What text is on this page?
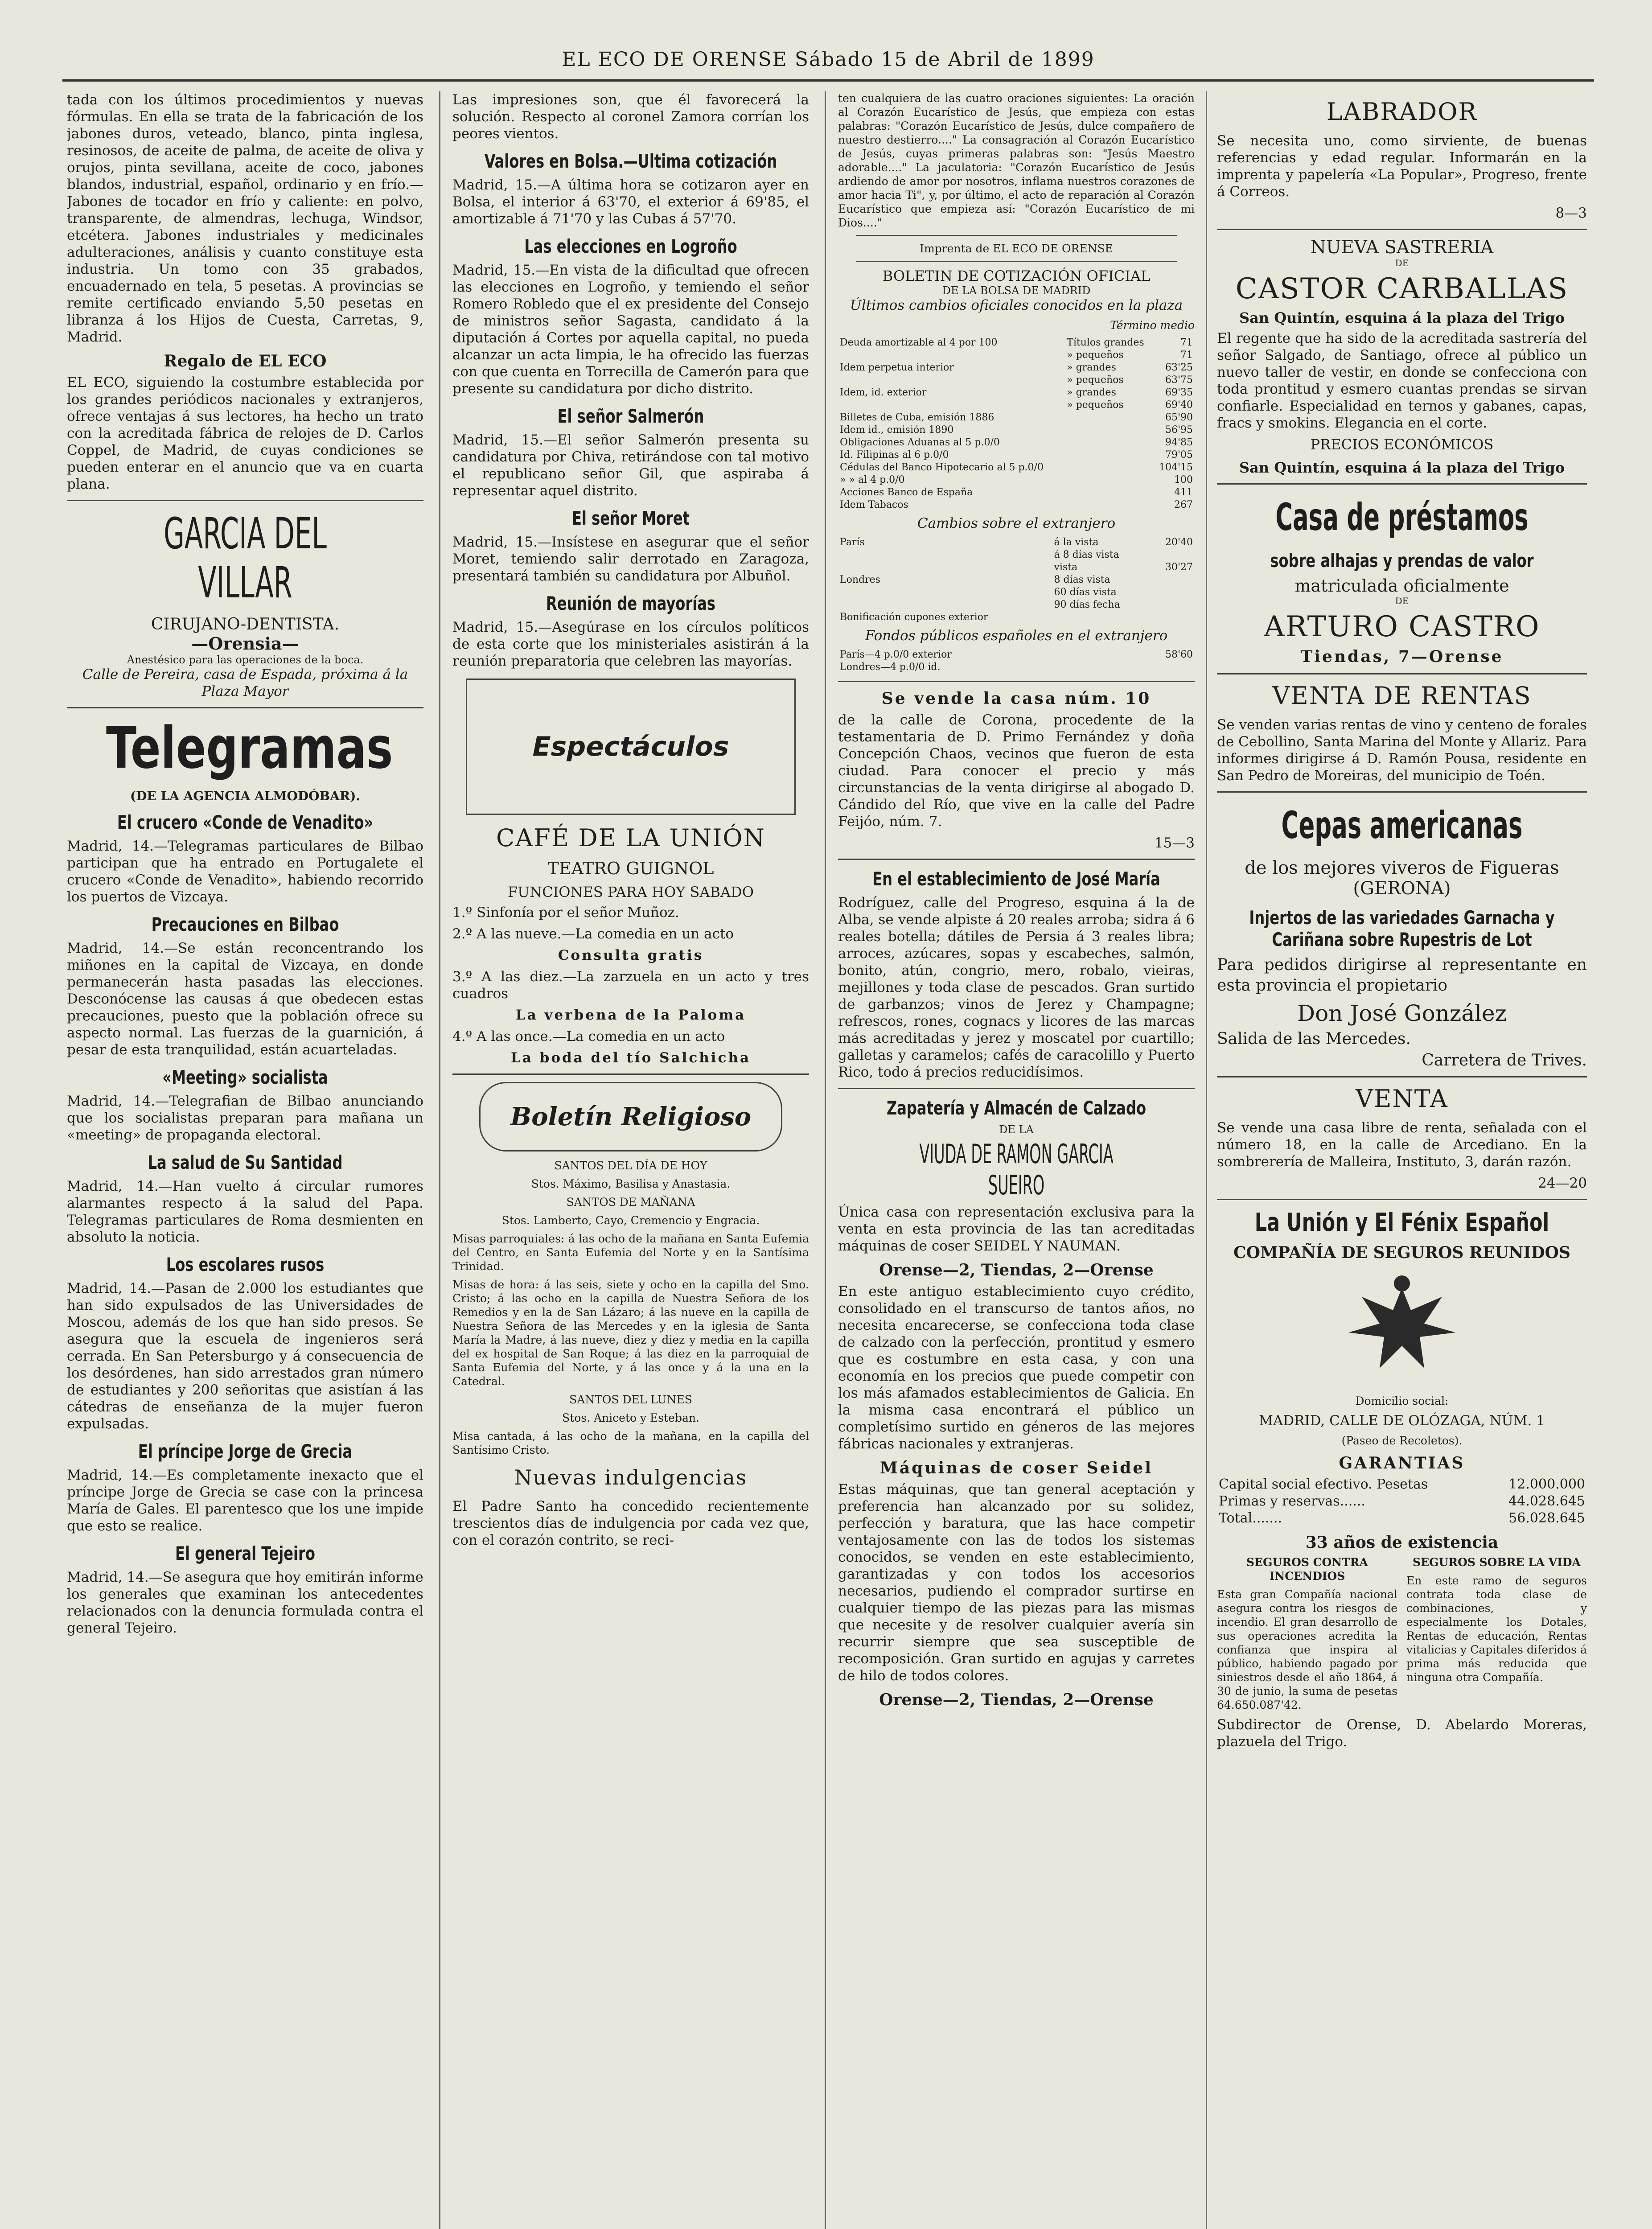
EL ECO DE ORENSE Sábado 15 de Abril de 1899

tada con los últimos procedimientos y nuevas fórmulas. En ella se trata de la fabricación de los jabones duros, veteado, blanco, pinta inglesa, resinosos, de aceite de palma, de aceite de oliva y orujos, pinta sevillana, aceite de coco, jabones blandos, industrial, español, ordinario y en frío.—Jabones de tocador en frío y caliente: en polvo, transparente, de almendras, lechuga, Windsor, etcétera. Jabones industriales y medicinales adulteraciones, análisis y cuanto constituye esta industria. Un tomo con 35 grabados, encuadernado en tela, 5 pesetas. A provincias se remite certificado enviando 5,50 pesetas en libranza á los Hijos de Cuesta, Carretas, 9, Madrid.

Regalo de EL ECO

EL ECO, siguiendo la costumbre establecida por los grandes periódicos nacionales y extranjeros, ofrece ventajas á sus lectores, ha hecho un trato con la acreditada fábrica de relojes de D. Carlos Coppel, de Madrid, de cuyas condiciones se pueden enterar en el anuncio que va en cuarta plana.

GARCIA DEL VILLAR
CIRUJANO-DENTISTA.
—Orensia—
Anestésico para las operaciones de la boca.

Calle de Pereira, casa de Espada, próxima á la Plaza Mayor

Telegramas
(DE LA AGENCIA ALMODÓBAR).
El crucero «Conde de Venadito»

Madrid, 14.—Telegramas particulares de Bilbao participan que ha entrado en Portugalete el crucero «Conde de Venadito», habiendo recorrido los puertos de Vizcaya.

Precauciones en Bilbao

Madrid, 14.—Se están reconcentrando los miñones en la capital de Vizcaya, en donde permanecerán hasta pasadas las elecciones. Desconócense las causas á que obedecen estas precauciones, puesto que la población ofrece su aspecto normal. Las fuerzas de la guarnición, á pesar de esta tranquilidad, están acuarteladas.

«Meeting» socialista

Madrid, 14.—Telegrafian de Bilbao anunciando que los socialistas preparan para mañana un «meeting» de propaganda electoral.

La salud de Su Santidad

Madrid, 14.—Han vuelto á circular rumores alarmantes respecto á la salud del Papa. Telegramas particulares de Roma desmienten en absoluto la noticia.

Los escolares rusos

Madrid, 14.—Pasan de 2.000 los estudiantes que han sido expulsados de las Universidades de Moscou, además de los que han sido presos. Se asegura que la escuela de ingenieros será cerrada. En San Petersburgo y á consecuencia de los desórdenes, han sido arrestados gran número de estudiantes y 200 señoritas que asistían á las cátedras de enseñanza de la mujer fueron expulsadas.

El príncipe Jorge de Grecia

Madrid, 14.—Es completamente inexacto que el príncipe Jorge de Grecia se case con la princesa María de Gales. El parentesco que los une impide que esto se realice.

El general Tejeiro

Madrid, 14.—Se asegura que hoy emitirán informe los generales que examinan los antecedentes relacionados con la denuncia formulada contra el general Tejeiro.

Las impresiones son, que él favorecerá la solución. Respecto al coronel Zamora corrían los peores vientos.

Valores en Bolsa.—Ultima cotización

Madrid, 15.—A última hora se cotizaron ayer en Bolsa, el interior á 63'70, el exterior á 69'85, el amortizable á 71'70 y las Cubas á 57'70.

Las elecciones en Logroño

Madrid, 15.—En vista de la dificultad que ofrecen las elecciones en Logroño, y temiendo el señor Romero Robledo que el ex presidente del Consejo de ministros señor Sagasta, candidato á la diputación á Cortes por aquella capital, no pueda alcanzar un acta limpia, le ha ofrecido las fuerzas con que cuenta en Torrecilla de Camerón para que presente su candidatura por dicho distrito.

El señor Salmerón

Madrid, 15.—El señor Salmerón presenta su candidatura por Chiva, retirándose con tal motivo el republicano señor Gil, que aspiraba á representar aquel distrito.

El señor Moret

Madrid, 15.—Insístese en asegurar que el señor Moret, temiendo salir derrotado en Zaragoza, presentará también su candidatura por Albuñol.

Reunión de mayorías

Madrid, 15.—Asegúrase en los círculos políticos de esta corte que los ministeriales asistirán á la reunión preparatoria que celebren las mayorías.

Espectáculos
CAFÉ DE LA UNIÓN
TEATRO GUIGNOL
FUNCIONES PARA HOY SABADO

1.º Sinfonía por el señor Muñoz.

2.º A las nueve.—La comedia en un acto

Consulta gratis

3.º A las diez.—La zarzuela en un acto y tres cuadros

La verbena de la Paloma

4.º A las once.—La comedia en un acto

La boda del tío Salchicha

Boletín Religioso

SANTOS DEL DÍA DE HOY

Stos. Máximo, Basilisa y Anastasia.

SANTOS DE MAÑANA

Stos. Lamberto, Cayo, Cremencio y Engracia.

Misas parroquiales: á las ocho de la mañana en Santa Eufemia del Centro, en Santa Eufemia del Norte y en la Santísima Trinidad.

Misas de hora: á las seis, siete y ocho en la capilla del Smo. Cristo; á las ocho en la capilla de Nuestra Señora de los Remedios y en la de San Lázaro; á las nueve en la capilla de Nuestra Señora de las Mercedes y en la iglesia de Santa María la Madre, á las nueve, diez y diez y media en la capilla del ex hospital de San Roque; á las diez en la parroquial de Santa Eufemia del Norte, y á las once y á la una en la Catedral.

SANTOS DEL LUNES

Stos. Aniceto y Esteban.

Misa cantada, á las ocho de la mañana, en la capilla del Santísimo Cristo.

Nuevas indulgencias

El Padre Santo ha concedido recientemente trescientos días de indulgencia por cada vez que, con el corazón contrito, se reci-

ten cualquiera de las cuatro oraciones siguientes: La oración al Corazón Eucarístico de Jesús, que empieza con estas palabras: "Corazón Eucarístico de Jesús, dulce compañero de nuestro destierro...." La consagración al Corazón Eucarístico de Jesús, cuyas primeras palabras son: "Jesús Maestro adorable...." La jaculatoria: "Corazón Eucarístico de Jesús ardiendo de amor por nosotros, inflama nuestros corazones de amor hacia Ti", y, por último, el acto de reparación al Corazón Eucarístico que empieza así: "Corazón Eucarístico de mi Dios...."

Imprenta de EL ECO DE ORENSE

BOLETIN DE COTIZACIÓN OFICIAL
DE LA BOLSA DE MADRID

Últimos cambios oficiales conocidos en la plaza

Término medio

Deuda amortizable al 4 por 100	Títulos grandes	71
	» pequeños	71
Idem perpetua interior	» grandes	63'25
	» pequeños	63'75
Idem, id. exterior	» grandes	69'35
	» pequeños	69'40
Billetes de Cuba, emisión 1886		65'90
Idem id., emisión 1890		56'95
Obligaciones Aduanas al 5 p.0/0		94'85
Id. Filipinas al 6 p.0/0		79'05
Cédulas del Banco Hipotecario al 5 p.0/0		104'15
» » al 4 p.0/0		100
Acciones Banco de España		411
Idem Tabacos		267

Cambios sobre el extranjero

París	á la vista	20'40
	á 8 días vista	
	vista	30'27
Londres	8 días vista	
	60 días vista	
	90 días fecha	
Bonificación cupones exterior		

Fondos públicos españoles en el extranjero

París—4 p.0/0 exterior	58'60
Londres—4 p.0/0 id.	
Se vende la casa núm. 10

de la calle de Corona, procedente de la testamentaria de D. Primo Fernández y doña Concepción Chaos, vecinos que fueron de esta ciudad. Para conocer el precio y más circunstancias de la venta dirigirse al abogado D. Cándido del Río, que vive en la calle del Padre Feijóo, núm. 7.

15—3

En el establecimiento de José María

Rodríguez, calle del Progreso, esquina á la de Alba, se vende alpiste á 20 reales arroba; sidra á 6 reales botella; dátiles de Persia á 3 reales libra; arroces, azúcares, sopas y escabeches, salmón, bonito, atún, congrio, mero, robalo, vieiras, mejillones y toda clase de pescados. Gran surtido de garbanzos; vinos de Jerez y Champagne; refrescos, rones, cognacs y licores de las marcas más acreditadas y jerez y moscatel por cuartillo; galletas y caramelos; cafés de caracolillo y Puerto Rico, todo á precios reducidísimos.

Zapatería y Almacén de Calzado
DE LA
VIUDA DE RAMON GARCIA SUEIRO

Única casa con representación exclusiva para la venta en esta provincia de las tan acreditadas máquinas de coser SEIDEL Y NAUMAN.

Orense—2, Tiendas, 2—Orense

En este antiguo establecimiento cuyo crédito, consolidado en el transcurso de tantos años, no necesita encarecerse, se confecciona toda clase de calzado con la perfección, prontitud y esmero que es costumbre en esta casa, y con una economía en los precios que puede competir con los más afamados establecimientos de Galicia. En la misma casa encontrará el público un completísimo surtido en géneros de las mejores fábricas nacionales y extranjeras.

Máquinas de coser Seidel

Estas máquinas, que tan general aceptación y preferencia han alcanzado por su solidez, perfección y baratura, que las hace competir ventajosamente con las de todos los sistemas conocidos, se venden en este establecimiento, garantizadas y con todos los accesorios necesarios, pudiendo el comprador surtirse en cualquier tiempo de las piezas para las mismas que necesite y de resolver cualquier avería sin recurrir siempre que sea susceptible de recomposición. Gran surtido en agujas y carretes de hilo de todos colores.

Orense—2, Tiendas, 2—Orense
LABRADOR

Se necesita uno, como sirviente, de buenas referencias y edad regular. Informarán en la imprenta y papelería «La Popular», Progreso, frente á Correos.

8—3

NUEVA SASTRERIA
DE
CASTOR CARBALLAS
San Quintín, esquina á la plaza del Trigo

El regente que ha sido de la acreditada sastrería del señor Salgado, de Santiago, ofrece al público un nuevo taller de vestir, en donde se confecciona con toda prontitud y esmero cuantas prendas se sirvan confiarle. Especialidad en ternos y gabanes, capas, fracs y smokins. Elegancia en el corte.

PRECIOS ECONÓMICOS
San Quintín, esquina á la plaza del Trigo
Casa de préstamos
sobre alhajas y prendas de valor
matriculada oficialmente
DE
ARTURO CASTRO
Tiendas, 7—Orense
VENTA DE RENTAS

Se venden varias rentas de vino y centeno de forales de Cebollino, Santa Marina del Monte y Allariz. Para informes dirigirse á D. Ramón Pousa, residente en San Pedro de Moreiras, del municipio de Toén.

Cepas americanas
de los mejores viveros de Figueras
(GERONA)
Injertos de las variedades Garnacha y Cariñana sobre Rupestris de Lot

Para pedidos dirigirse al representante en esta provincia el propietario

Don José González

Salida de las Mercedes.

Carretera de Trives.

VENTA

Se vende una casa libre de renta, señalada con el número 18, en la calle de Arcediano. En la sombrerería de Malleira, Instituto, 3, darán razón.

24—20

La Unión y El Fénix Español
COMPAÑÍA DE SEGUROS REUNIDOS

Domicilio social:

MADRID, CALLE DE OLÓZAGA, NÚM. 1

(Paseo de Recoletos).

GARANTIAS
Capital social efectivo. Pesetas	12.000.000
Primas y reservas......	44.028.645
Total.......	56.028.645
33 años de existencia

SEGUROS CONTRA INCENDIOS

Esta gran Compañía nacional asegura contra los riesgos de incendio. El gran desarrollo de sus operaciones acredita la confianza que inspira al público, habiendo pagado por siniestros desde el año 1864, á 30 de junio, la suma de pesetas 64.650.087'42.

SEGUROS SOBRE LA VIDA

En este ramo de seguros contrata toda clase de combinaciones, y especialmente los Dotales, Rentas de educación, Rentas vitalicias y Capitales diferidos á prima más reducida que ninguna otra Compañía.

Subdirector de Orense, D. Abelardo Moreras, plazuela del Trigo.
